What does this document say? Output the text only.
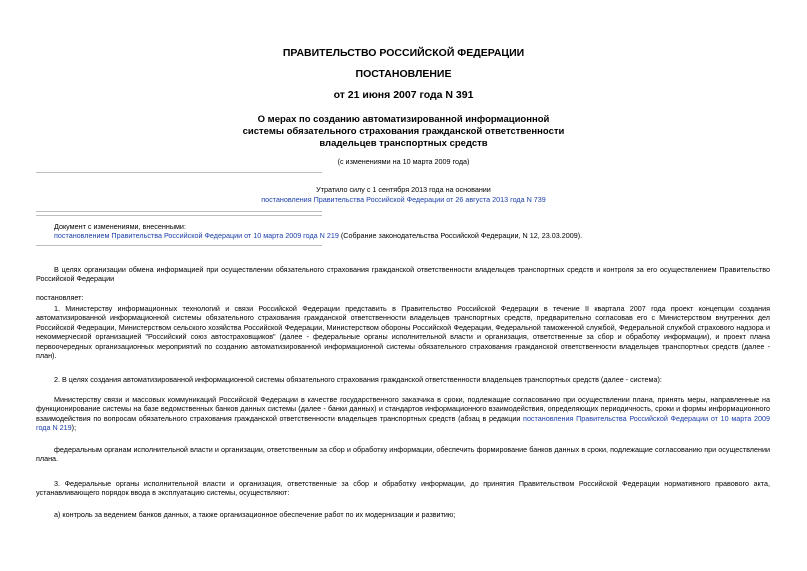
ПРАВИТЕЛЬСТВО РОССИЙСКОЙ ФЕДЕРАЦИИ
ПОСТАНОВЛЕНИЕ
от 21 июня 2007 года N 391
О мерах по созданию автоматизированной информационной
системы обязательного страхования гражданской ответственности
владельцев транспортных средств
(с изменениями на 10 марта 2009 года)
Утратило силу с 1 сентября 2013 года на основании
постановления Правительства Российской Федерации от 26 августа 2013 года N 739
Документ с изменениями, внесенными:
постановлением Правительства Российской Федерации от 10 марта 2009 года N 219 (Собрание законодательства Российской Федерации, N 12, 23.03.2009).
В целях организации обмена информацией при осуществлении обязательного страхования гражданской ответственности владельцев транспортных средств и контроля за его осуществлением Правительство Российской Федерации
постановляет:
1. Министерству информационных технологий и связи Российской Федерации представить в Правительство Российской Федерации в течение II квартала 2007 года проект концепции создания автоматизированной информационной системы обязательного страхования гражданской ответственности владельцев транспортных средств, предварительно согласовав его с Министерством внутренних дел Российской Федерации, Министерством сельского хозяйства Российской Федерации, Министерством обороны Российской Федерации, Федеральной таможенной службой, Федеральной службой страхового надзора и некоммерческой организацией "Российский союз автостраховщиков" (далее - федеральные органы исполнительной власти и организация, ответственные за сбор и обработку информации), и проект плана первоочередных организационных мероприятий по созданию автоматизированной информационной системы обязательного страхования гражданской ответственности владельцев транспортных средств (далее - план).
2. В целях создания автоматизированной информационной системы обязательного страхования гражданской ответственности владельцев транспортных средств (далее - система):
Министерству связи и массовых коммуникаций Российской Федерации в качестве государственного заказчика в сроки, подлежащие согласованию при осуществлении плана, принять меры, направленные на функционирование системы на базе ведомственных банков данных системы (далее - банки данных) и стандартов информационного взаимодействия, определяющих периодичность, сроки и формы информационного взаимодействия по вопросам обязательного страхования гражданской ответственности владельцев транспортных средств (абзац в редакции постановления Правительства Российской Федерации от 10 марта 2009 года N 219);
федеральным органам исполнительной власти и организации, ответственным за сбор и обработку информации, обеспечить формирование банков данных в сроки, подлежащие согласованию при осуществлении плана.
3. Федеральные органы исполнительной власти и организация, ответственные за сбор и обработку информации, до принятия Правительством Российской Федерации нормативного правового акта, устанавливающего порядок ввода в эксплуатацию системы, осуществляют:
а) контроль за ведением банков данных, а также организационное обеспечение работ по их модернизации и развитию;
